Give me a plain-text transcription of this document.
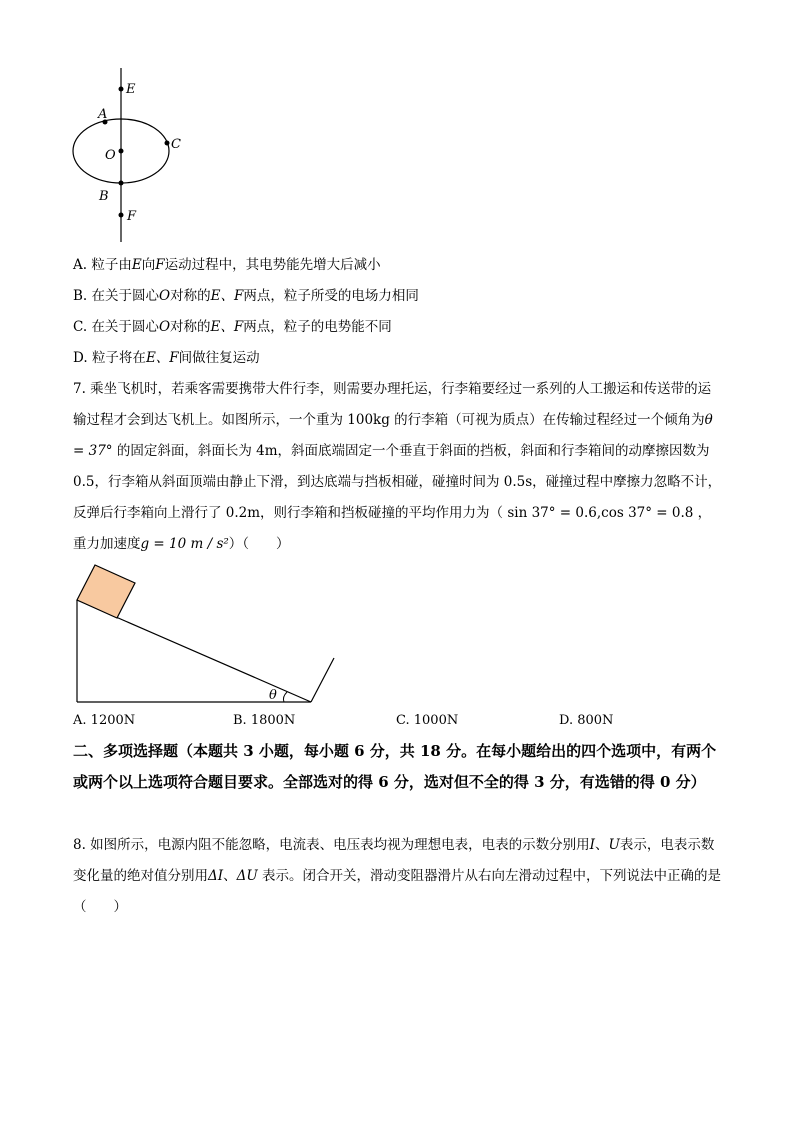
E
A
O
C
B
F
A. 粒子由E向F运动过程中，其电势能先增大后减小
B. 在关于圆心O对称的E、F两点，粒子所受的电场力相同
C. 在关于圆心O对称的E、F两点，粒子的电势能不同
D. 粒子将在E、F间做往复运动
7. 乘坐飞机时，若乘客需要携带大件行李，则需要办理托运，行李箱要经过一系列的人工搬运和传送带的运输过程才会到达飞机上。如图所示，一个重为 100kg 的行李箱（可视为质点）在传输过程经过一个倾角为θ = 37° 的固定斜面，斜面长为 4m，斜面底端固定一个垂直于斜面的挡板，斜面和行李箱间的动摩擦因数为 0.5，行李箱从斜面顶端由静止下滑，到达底端与挡板相碰，碰撞时间为 0.5s，碰撞过程中摩擦力忽略不计，反弹后行李箱向上滑行了 0.2m，则行李箱和挡板碰撞的平均作用力为（ sin 37° = 0.6,cos 37° = 0.8 ，重力加速度g = 10 m / s²）（　　）
θ
A. 1200N	B. 1800N	C. 1000N	D. 800N
二、多项选择题（本题共 3 小题，每小题 6 分，共 18 分。在每小题给出的四个选项中，有两个或两个以上选项符合题目要求。全部选对的得 6 分，选对但不全的得 3 分，有选错的得 0 分）
8. 如图所示，电源内阻不能忽略，电流表、电压表均视为理想电表，电表的示数分别用I、U表示，电表示数变化量的绝对值分别用ΔI、ΔU 表示。闭合开关，滑动变阻器滑片从右向左滑动过程中，下列说法中正确的是（　　）
